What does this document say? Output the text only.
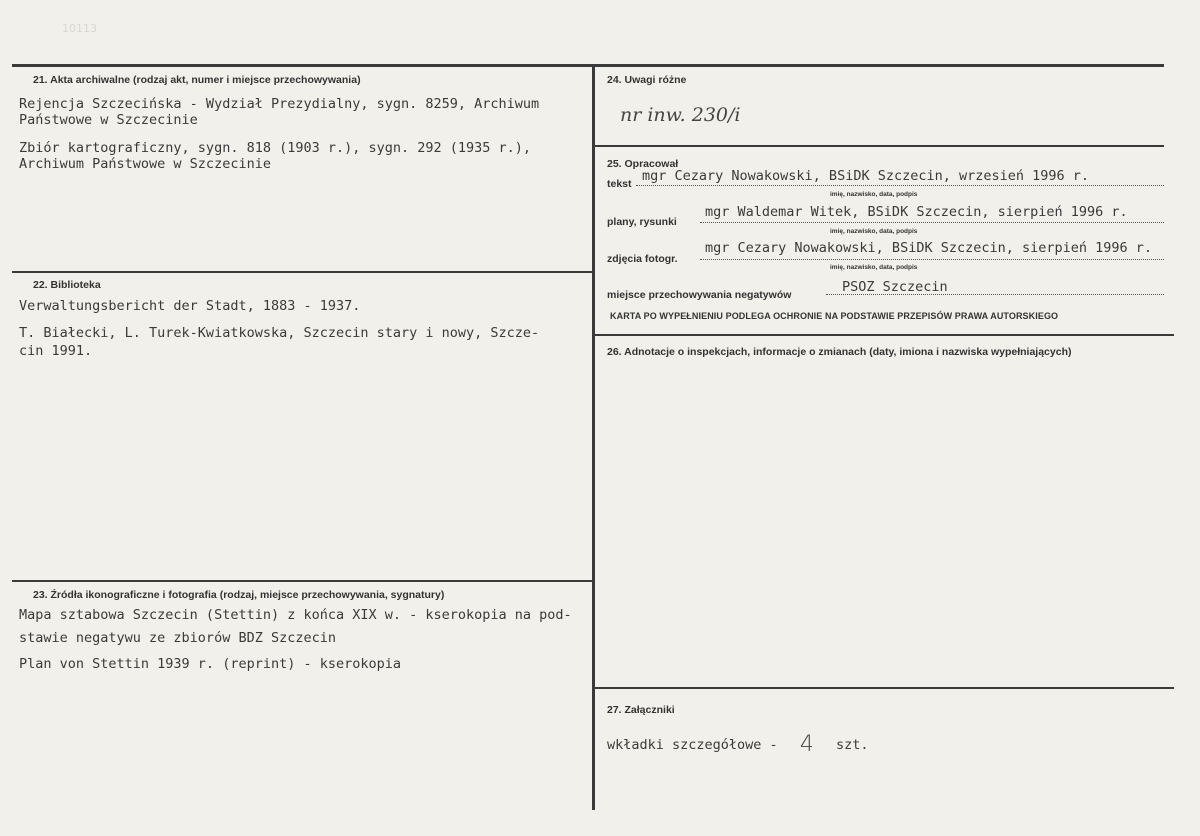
10113
21. Akta archiwalne (rodzaj akt, numer i miejsce przechowywania)
Rejencja Szczecińska - Wydział Prezydialny, sygn. 8259, Archiwum
Państwowe w Szczecinie
Zbiór kartograficzny, sygn. 818 (1903 r.), sygn. 292 (1935 r.),
Archiwum Państwowe w Szczecinie
22. Biblioteka
Verwaltungsbericht der Stadt, 1883 - 1937.
T. Białecki, L. Turek-Kwiatkowska, Szczecin stary i nowy, Szcze-
cin 1991.
23. Źródła ikonograficzne i fotografia (rodzaj, miejsce przechowywania, sygnatury)
Mapa sztabowa Szczecin (Stettin) z końca XIX w. - kserokopia na pod-
stawie negatywu ze zbiorów BDZ Szczecin
Plan von Stettin 1939 r. (reprint) - kserokopia
24. Uwagi różne
nr inw. 230/i
25. Opracował
tekst mgr Cezary Nowakowski, BSiDK Szczecin, wrzesień 1996 r.
imię, nazwisko, data, podpis
plany, rysunki
mgr Waldemar Witek, BSiDK Szczecin, sierpień 1996 r.
imię, nazwisko, data, podpis
zdjęcia fotogr.
mgr Cezary Nowakowski, BSiDK Szczecin, sierpień 1996 r.
imię, nazwisko, data, podpis
miejsce przechowywania negatywów	PSOZ Szczecin
KARTA PO WYPEŁNIENIU PODLEGA OCHRONIE NA PODSTAWIE PRZEPISÓW PRAWA AUTORSKIEGO
26. Adnotacje o inspekcjach, informacje o zmianach (daty, imiona i nazwiska wypełniających)
27. Załączniki
wkładki szczegółowe - 4 szt.
